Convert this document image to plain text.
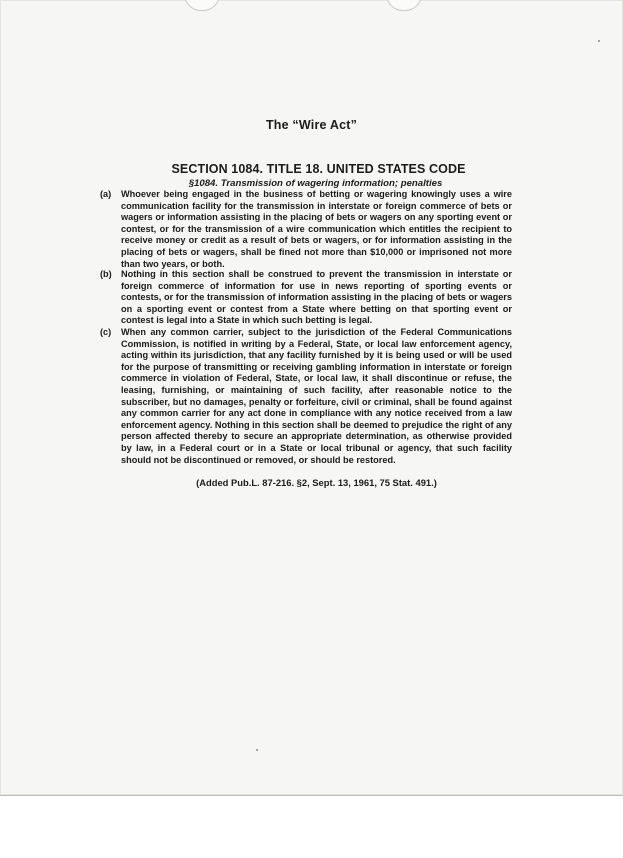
The “Wire Act”
SECTION 1084. TITLE 18. UNITED STATES CODE
§1084. Transmission of wagering information; penalties
(a) Whoever being engaged in the business of betting or wagering knowingly uses a wire communication facility for the transmission in interstate or foreign commerce of bets or wagers or information assisting in the placing of bets or wagers on any sporting event or contest, or for the transmission of a wire communication which entitles the recipient to receive money or credit as a result of bets or wagers, or for information assisting in the placing of bets or wagers, shall be fined not more than $10,000 or imprisoned not more than two years, or both.
(b) Nothing in this section shall be construed to prevent the transmission in interstate or foreign commerce of information for use in news reporting of sporting events or contests, or for the transmission of information assisting in the placing of bets or wagers on a sporting event or contest from a State where betting on that sporting event or contest is legal into a State in which such betting is legal.
(c) When any common carrier, subject to the jurisdiction of the Federal Communications Commission, is notified in writing by a Federal, State, or local law enforcement agency, acting within its jurisdiction, that any facility furnished by it is being used or will be used for the purpose of transmitting or receiving gambling information in interstate or foreign commerce in violation of Federal, State, or local law, it shall discontinue or refuse, the leasing, furnishing, or maintaining of such facility, after reasonable notice to the subscriber, but no damages, penalty or forfeiture, civil or criminal, shall be found against any common carrier for any act done in compliance with any notice received from a law enforcement agency. Nothing in this section shall be deemed to prejudice the right of any person affected thereby to secure an appropriate determination, as otherwise provided by law, in a Federal court or in a State or local tribunal or agency, that such facility should not be discontinued or removed, or should be restored.
(Added Pub.L. 87-216. §2, Sept. 13, 1961, 75 Stat. 491.)
